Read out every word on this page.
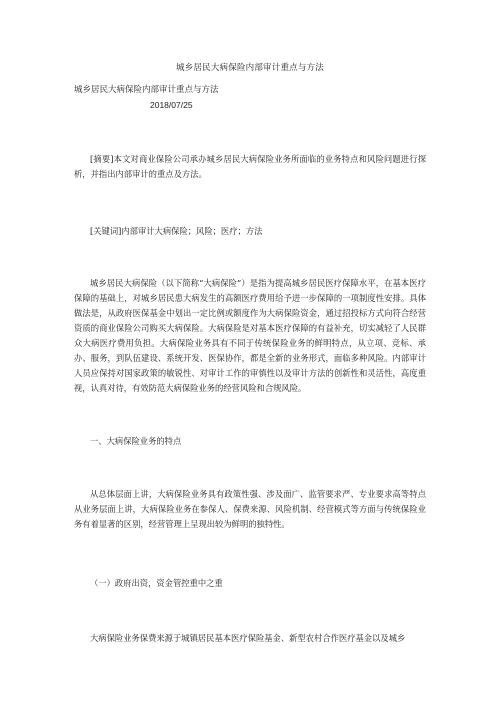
城乡居民大病保险内部审计重点与方法
城乡居民大病保险内部审计重点与方法
2018/07/25

[摘要]本文对商业保险公司承办城乡居民大病保险业务所面临的业务特点和风险问题进行探析，并指出内部审计的重点及方法。

[关键词]内部审计大病保险；风险；医疗；方法

城乡居民大病保险（以下简称“大病保险”）是指为提高城乡居民医疗保障水平，在基本医疗保障的基础上，对城乡居民患大病发生的高额医疗费用给予进一步保障的一项制度性安排。具体做法是，从政府医保基金中划出一定比例或额度作为大病保险资金，通过招投标方式向符合经营资质的商业保险公司购买大病保险。大病保险是对基本医疗保障的有益补充，切实减轻了人民群众大病医疗费用负担。大病保险业务具有不同于传统保险业务的鲜明特点，从立项、竞标、承办、服务，到队伍建设、系统开发、医保协作，都是全新的业务形式，面临多种风险。内部审计人员应保持对国家政策的敏锐性、对审计工作的审慎性以及审计方法的创新性和灵活性，高度重视，认真对待，有效防范大病保险业务的经营风险和合规风险。

一、大病保险业务的特点

从总体层面上讲，大病保险业务具有政策性强、涉及面广、监管要求严、专业要求高等特点 从业务层面上讲，大病保险业务在参保人、保费来源、风险机制、经营模式等方面与传统保险业务有着显著的区别，经营管理上呈现出较为鲜明的独特性。

（一）政府出资，资金管控重中之重

大病保险业务保费来源于城镇居民基本医疗保险基金、新型农村合作医疗基金以及城乡
